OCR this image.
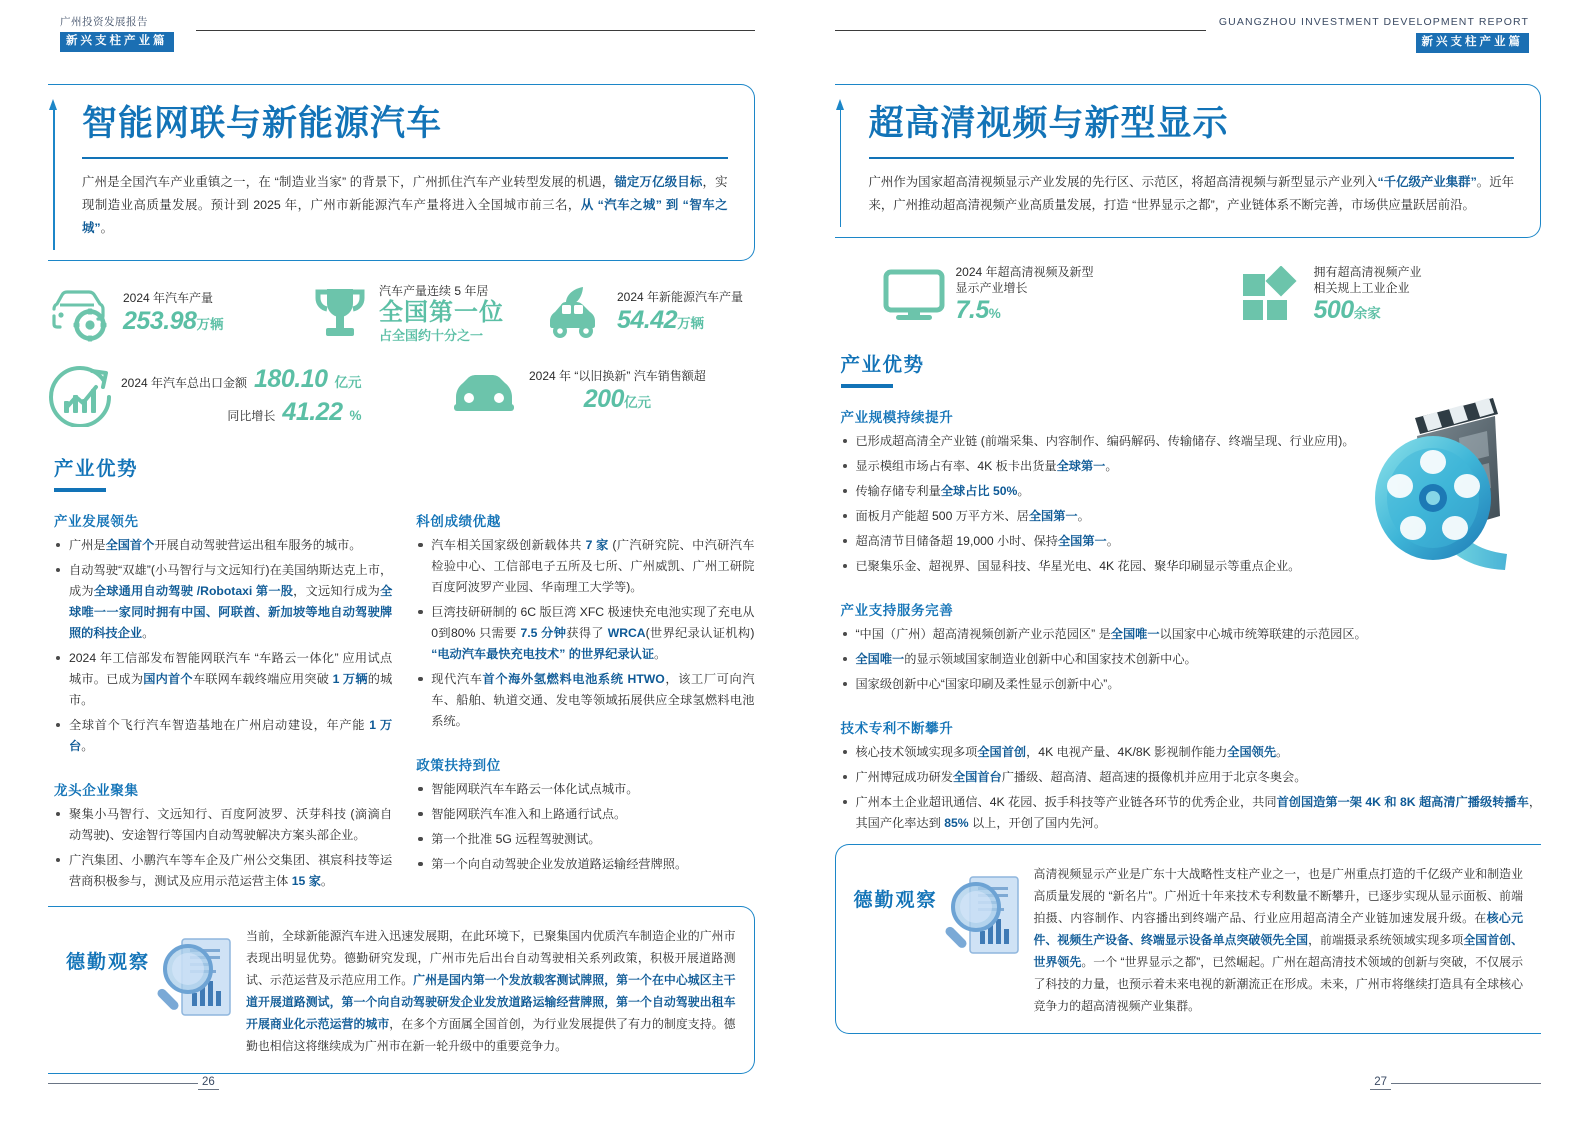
广州投资发展报告
新兴支柱产业篇
智能网联与新能源汽车

广州是全国汽车产业重镇之一，在 “制造业当家” 的背景下，广州抓住汽车产业转型发展的机遇，锚定万亿级目标，实现制造业高质量发展。预计到 2025 年，广州市新能源汽车产量将进入全国城市前三名，从 “汽车之城” 到 “智车之城”。

2024 年汽车产量
253.98万辆
汽车产量连续 5 年居
全国第一位
占全国约十分之一
2024 年新能源汽车产量
54.42万辆
2024 年汽车总出口金额 180.10 亿元
同比增长 41.22 %
2024 年 “以旧换新” 汽车销售额超
200亿元
产业优势
产业发展领先
广州是全国首个开展自动驾驶营运出租车服务的城市。
自动驾驶“双雄”(小马智行与文远知行)在美国纳斯达克上市，成为全球通用自动驾驶 /Robotaxi 第一股，文远知行成为全球唯一一家同时拥有中国、阿联酋、新加坡等地自动驾驶牌照的科技企业。
2024 年工信部发布智能网联汽车 “车路云一体化” 应用试点城市。已成为国内首个车联网车载终端应用突破 1 万辆的城市。
全球首个飞行汽车智造基地在广州启动建设，年产能 1 万台。
龙头企业聚集
聚集小马智行、文远知行、百度阿波罗、沃芽科技 (滴滴自动驾驶)、安途智行等国内自动驾驶解决方案头部企业。
广汽集团、小鹏汽车等车企及广州公交集团、祺宸科技等运营商积极参与，测试及应用示范运营主体 15 家。
科创成绩优越
汽车相关国家级创新载体共 7 家 (广汽研究院、中汽研汽车检验中心、工信部电子五所及七所、广州威凯、广州工研院百度阿波罗产业园、华南理工大学等)。
巨湾技研研制的 6C 版巨湾 XFC 极速快充电池实现了充电从0到80% 只需要 7.5 分钟获得了 WRCA(世界纪录认证机构) “电动汽车最快充电技术” 的世界纪录认证。
现代汽车首个海外氢燃料电池系统 HTWO，该工厂可向汽车、船舶、轨道交通、发电等领域拓展供应全球氢燃料电池系统。
政策扶持到位
智能网联汽车车路云一体化试点城市。
智能网联汽车准入和上路通行试点。
第一个批准 5G 远程驾驶测试。
第一个向自动驾驶企业发放道路运输经营牌照。
德勤观察
当前，全球新能源汽车进入迅速发展期，在此环境下，已聚集国内优质汽车制造企业的广州市表现出明显优势。德勤研究发现，广州市先后出台自动驾驶相关系列政策，积极开展道路测试、示范运营及示范应用工作。广州是国内第一个发放载客测试牌照，第一个在中心城区主干道开展道路测试，第一个向自动驾驶研发企业发放道路运输经营牌照，第一个自动驾驶出租车开展商业化示范运营的城市，在多个方面属全国首创，为行业发展提供了有力的制度支持。德勤也相信这将继续成为广州市在新一轮升级中的重要竞争力。
26
GUANGZHOU INVESTMENT DEVELOPMENT REPORT
新兴支柱产业篇
超高清视频与新型显示

广州作为国家超高清视频显示产业发展的先行区、示范区，将超高清视频与新型显示产业列入“千亿级产业集群”。近年来，广州推动超高清视频产业高质量发展，打造 “世界显示之都”，产业链体系不断完善，市场供应量跃居前沿。

2024 年超高清视频及新型
显示产业增长
7.5%
拥有超高清视频产业
相关规上工业企业
500余家
产业优势
产业规模持续提升
已形成超高清全产业链 (前端采集、内容制作、编码解码、传输储存、终端呈现、行业应用)。
显示模组市场占有率、4K 板卡出货量全球第一。
传输存储专利量全球占比 50%。
面板月产能超 500 万平方米、居全国第一。
超高清节目储备超 19,000 小时、保持全国第一。
已聚集乐金、超视界、国显科技、华星光电、4K 花园、聚华印刷显示等重点企业。
产业支持服务完善
“中国（广州）超高清视频创新产业示范园区” 是全国唯一以国家中心城市统筹联建的示范园区。
全国唯一的显示领域国家制造业创新中心和国家技术创新中心。
国家级创新中心“国家印刷及柔性显示创新中心”。
技术专利不断攀升
核心技术领域实现多项全国首创，4K 电视产量、4K/8K 影视制作能力全国领先。
广州博冠成功研发全国首台广播级、超高清、超高速的摄像机并应用于北京冬奥会。
广州本土企业超讯通信、4K 花园、扳手科技等产业链各环节的优秀企业，共同首创国造第一架 4K 和 8K 超高清广播级转播车，其国产化率达到 85% 以上，开创了国内先河。
德勤观察
高清视频显示产业是广东十大战略性支柱产业之一，也是广州重点打造的千亿级产业和制造业高质量发展的 “新名片”。广州近十年来技术专利数量不断攀升，已逐步实现从显示面板、前端拍摄、内容制作、内容播出到终端产品、行业应用超高清全产业链加速发展升级。在核心元件、视频生产设备、终端显示设备单点突破领先全国，前端摄录系统领域实现多项全国首创、世界领先。一个 “世界显示之都”，已然崛起。广州在超高清技术领域的创新与突破，不仅展示了科技的力量，也预示着未来电视的新潮流正在形成。未来，广州市将继续打造具有全球核心竞争力的超高清视频产业集群。
27
